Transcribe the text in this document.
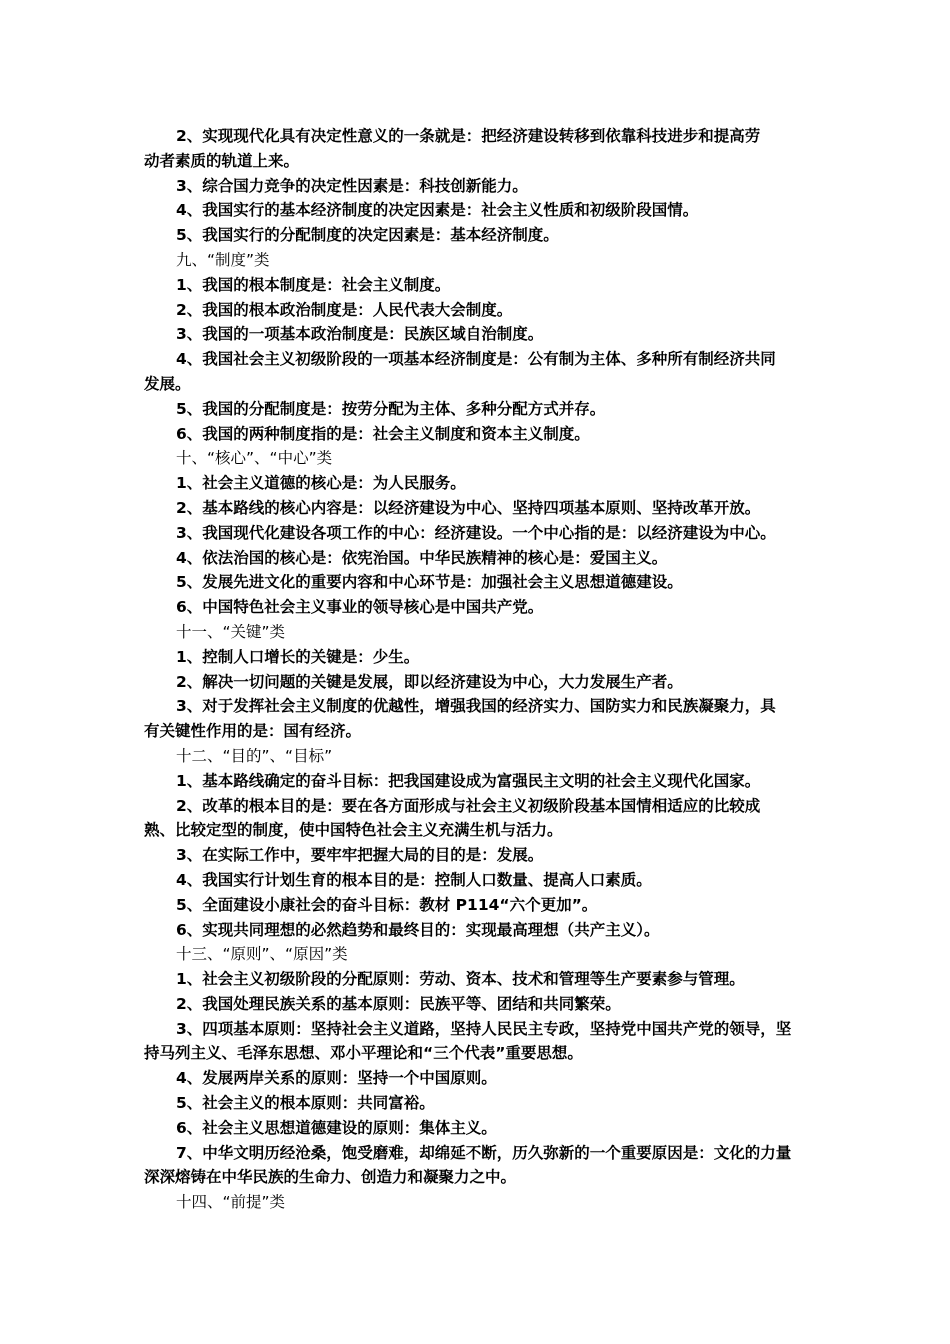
2、实现现代化具有决定性意义的一条就是：把经济建设转移到依靠科技进步和提高劳
动者素质的轨道上来。
3、综合国力竞争的决定性因素是：科技创新能力。
4、我国实行的基本经济制度的决定因素是：社会主义性质和初级阶段国情。
5、我国实行的分配制度的决定因素是：基本经济制度。
九、“制度”类
1、我国的根本制度是：社会主义制度。
2、我国的根本政治制度是：人民代表大会制度。
3、我国的一项基本政治制度是：民族区域自治制度。
4、我国社会主义初级阶段的一项基本经济制度是：公有制为主体、多种所有制经济共同
发展。
5、我国的分配制度是：按劳分配为主体、多种分配方式并存。
6、我国的两种制度指的是：社会主义制度和资本主义制度。
十、“核心”、“中心”类
1、社会主义道德的核心是：为人民服务。
2、基本路线的核心内容是：以经济建设为中心、坚持四项基本原则、坚持改革开放。
3、我国现代化建设各项工作的中心：经济建设。一个中心指的是：以经济建设为中心。
4、依法治国的核心是：依宪治国。中华民族精神的核心是：爱国主义。
5、发展先进文化的重要内容和中心环节是：加强社会主义思想道德建设。
6、中国特色社会主义事业的领导核心是中国共产党。
十一、“关键”类
1、控制人口增长的关键是：少生。
2、解决一切问题的关键是发展，即以经济建设为中心，大力发展生产者。
3、对于发挥社会主义制度的优越性，增强我国的经济实力、国防实力和民族凝聚力，具
有关键性作用的是：国有经济。
十二、“目的”、“目标”
1、基本路线确定的奋斗目标：把我国建设成为富强民主文明的社会主义现代化国家。
2、改革的根本目的是：要在各方面形成与社会主义初级阶段基本国情相适应的比较成
熟、比较定型的制度，使中国特色社会主义充满生机与活力。
3、在实际工作中，要牢牢把握大局的目的是：发展。
4、我国实行计划生育的根本目的是：控制人口数量、提高人口素质。
5、全面建设小康社会的奋斗目标：教材 P114“六个更加”。
6、实现共同理想的必然趋势和最终目的：实现最高理想（共产主义）。
十三、“原则”、“原因”类
1、社会主义初级阶段的分配原则：劳动、资本、技术和管理等生产要素参与管理。
2、我国处理民族关系的基本原则：民族平等、团结和共同繁荣。
3、四项基本原则：坚持社会主义道路，坚持人民民主专政，坚持党中国共产党的领导，坚
持马列主义、毛泽东思想、邓小平理论和“三个代表”重要思想。
4、发展两岸关系的原则：坚持一个中国原则。
5、社会主义的根本原则：共同富裕。
6、社会主义思想道德建设的原则：集体主义。
7、中华文明历经沧桑，饱受磨难，却绵延不断，历久弥新的一个重要原因是：文化的力量
深深熔铸在中华民族的生命力、创造力和凝聚力之中。
十四、“前提”类
